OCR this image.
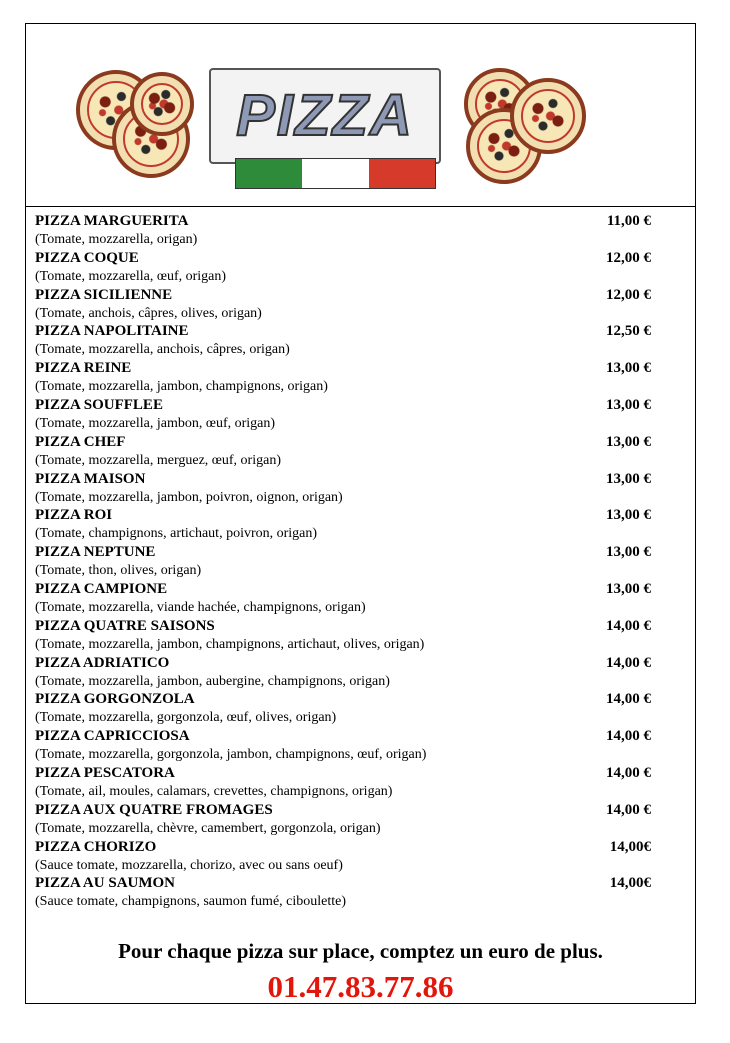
PIZZA
PIZZA MARGUERITA	11,00 €
(Tomate, mozzarella, origan)
PIZZA COQUE	12,00 €
(Tomate, mozzarella, œuf, origan)
PIZZA SICILIENNE	12,00 €
(Tomate, anchois, câpres, olives, origan)
PIZZA NAPOLITAINE	12,50 €
(Tomate, mozzarella, anchois, câpres, origan)
PIZZA REINE	13,00 €
(Tomate, mozzarella, jambon, champignons, origan)
PIZZA SOUFFLEE	13,00 €
(Tomate, mozzarella, jambon, œuf, origan)
PIZZA CHEF	13,00 €
(Tomate, mozzarella, merguez, œuf, origan)
PIZZA MAISON	13,00 €
(Tomate, mozzarella, jambon, poivron, oignon, origan)
PIZZA ROI	13,00 €
(Tomate, champignons, artichaut, poivron, origan)
PIZZA NEPTUNE	13,00 €
(Tomate, thon, olives, origan)
PIZZA CAMPIONE	13,00 €
(Tomate, mozzarella, viande hachée, champignons, origan)
PIZZA QUATRE SAISONS	14,00 €
(Tomate, mozzarella, jambon, champignons, artichaut, olives, origan)
PIZZA ADRIATICO	14,00 €
(Tomate, mozzarella, jambon, aubergine, champignons, origan)
PIZZA GORGONZOLA	14,00 €
(Tomate, mozzarella, gorgonzola, œuf, olives, origan)
PIZZA CAPRICCIOSA	14,00 €
(Tomate, mozzarella, gorgonzola, jambon, champignons, œuf, origan)
PIZZA PESCATORA	14,00 €
(Tomate, ail, moules, calamars, crevettes, champignons, origan)
PIZZA AUX QUATRE FROMAGES	14,00 €
(Tomate, mozzarella, chèvre, camembert, gorgonzola, origan)
PIZZA CHORIZO	14,00€
(Sauce tomate, mozzarella, chorizo, avec ou sans oeuf)
PIZZA AU SAUMON	14,00€
(Sauce tomate, champignons, saumon fumé, ciboulette)
Pour chaque pizza sur place, comptez un euro de plus.
01.47.83.77.86
